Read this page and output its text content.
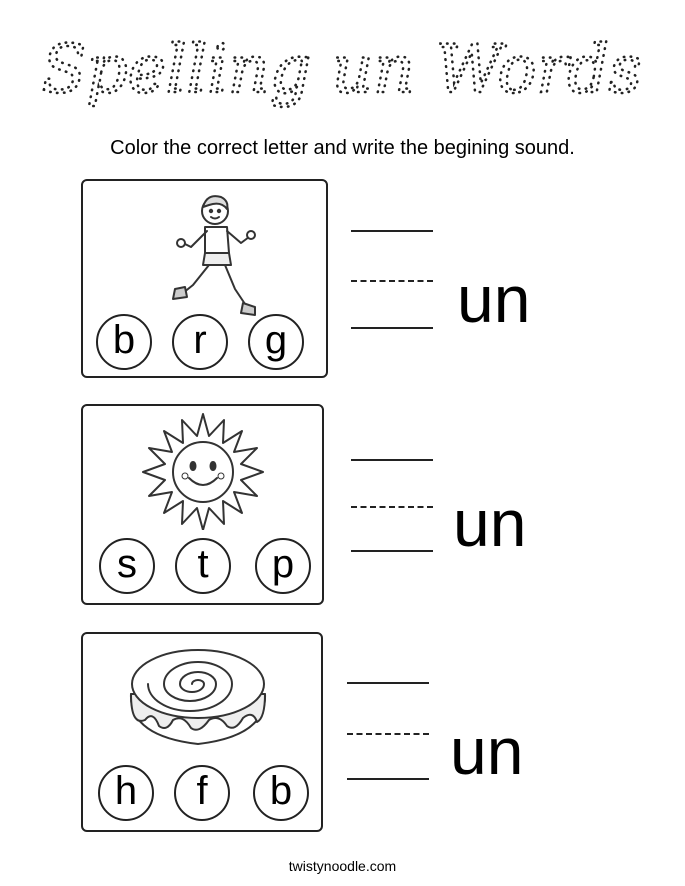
Spelling un Words
Color the correct letter and write the begining sound.
b	r	g
un
s	t	p
un
h	f	b
un
twistynoodle.com
